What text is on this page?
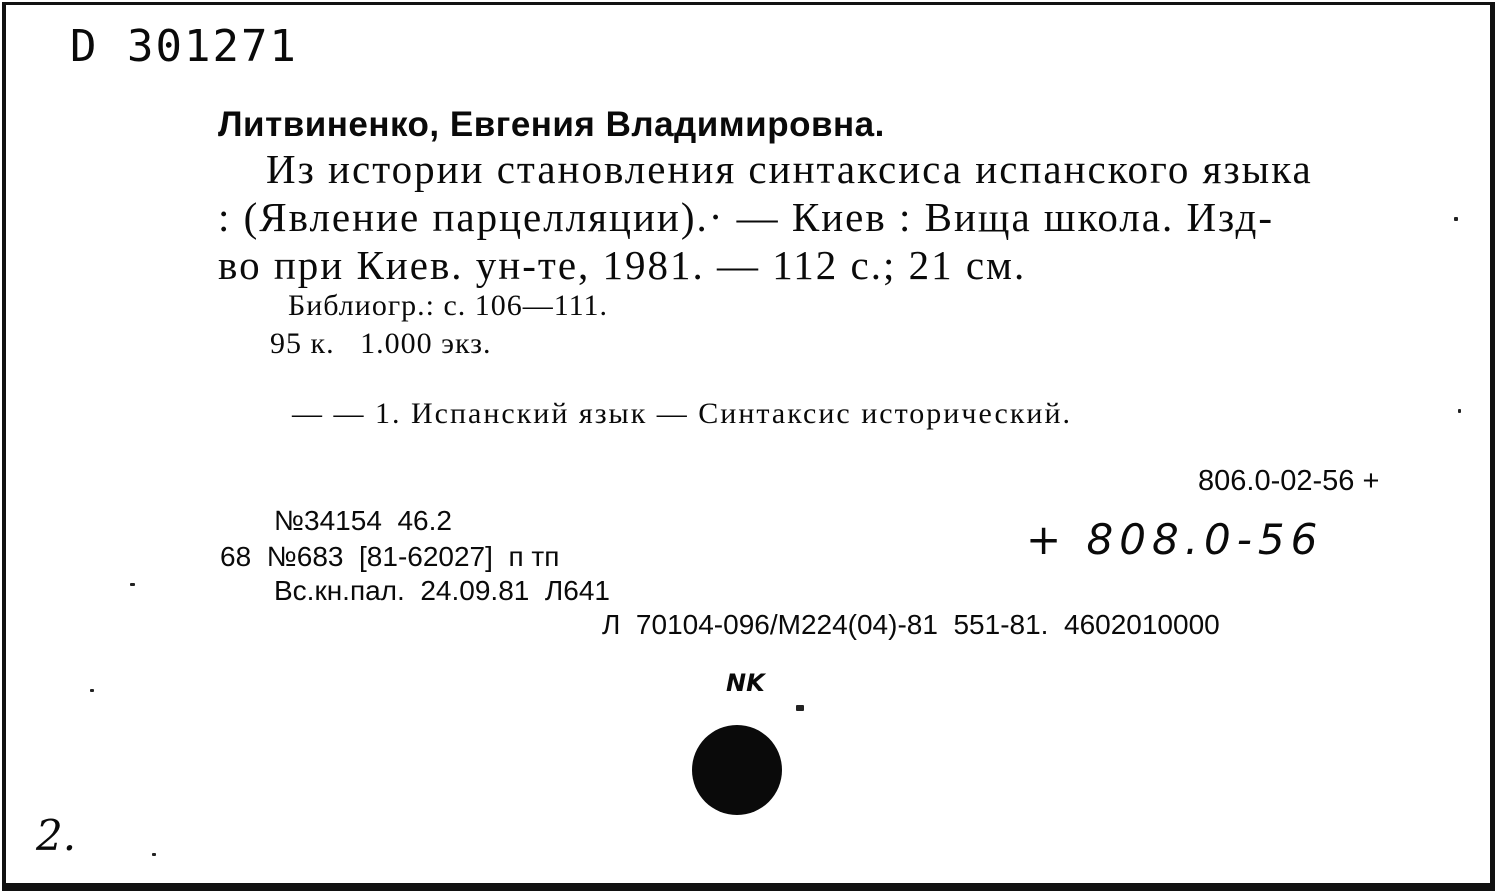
D 301271
Литвиненко, Евгения Владимировна.
Из истории становления синтаксиса испанского языка
: (Явление парцелляции).· — Киев : Вища школа. Изд-
во при Киев. ун-те, 1981. — 112 с.; 21 см.
Библиогр.: с. 106—111.
95 к.   1.000 экз.
— — 1. Испанский язык — Синтаксис исторический.
806.0-02-56 +
+ 808.0-56
№34154  46.2
68  №683  [81-62027]  п тп
Вс.кн.пал.  24.09.81  Л641
Л  70104-096/М224(04)-81  551-81.  4602010000
NK
2.
